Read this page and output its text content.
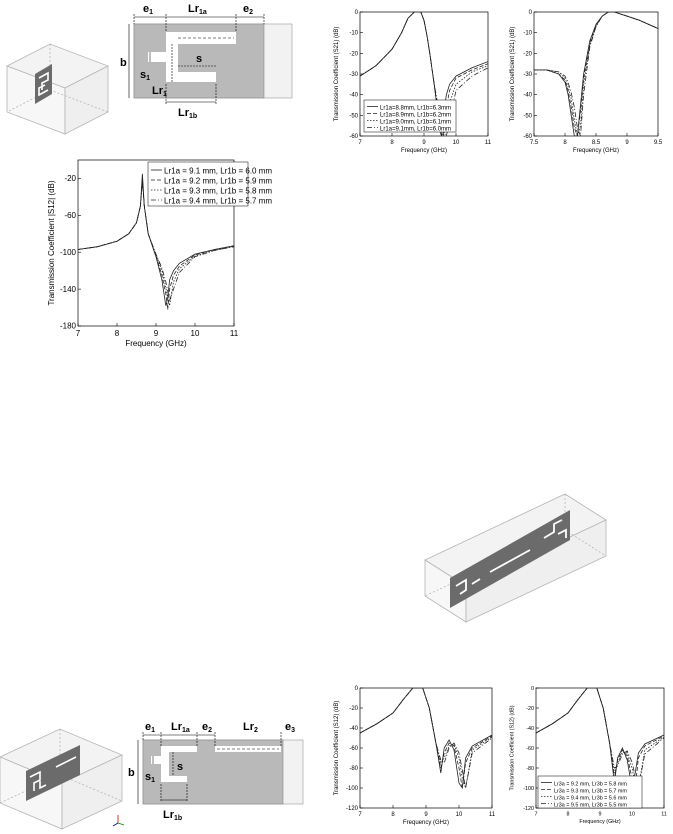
e1	Lr1a	e2
b
s1
s
Lr1
Lr1b
7	8	9	10	11
0
-10
-20
-30
-40
-50
-60
Frequency (GHz)
Transmission Coefficient (S21) (dB)	Lr1a=8.8mm, Lr1b=6.3mm
Lr1a=8.9mm, Lr1b=6.2mm
Lr1a=9.0mm, Lr1b=6.1mm
Lr1a=9.1mm, Lr1b=6.0mm
7.5	8	8.5	9	9.5
0
-10
-20
-30
-40
-50
-60
Frequency (GHz)
Transmission Coefficient (S21) (dB)
7	8	9	10	11
-20
-60
-100
-140
-180
Frequency (GHz)
Transmission Coefficient |S12| (dB)
Lr1a = 9.1 mm, Lr1b = 6.0 mm
Lr1a = 9.2 mm, Lr1b = 5.9 mm
Lr1a = 9.3 mm, Lr1b = 5.8 mm
Lr1a = 9.4 mm, Lr1b = 5.7 mm
e1 Lr1a e2	Lr2 e3
b s1
s
Lr1b	7	8	9	10	11
0
-20
-40
-60
-80
-100
-120
Frequency (GHz)
Transmission Coefficient (S12) (dB)
7	8	9	10	11
0
-20
-40
-60
-80
-100
-120
Frequency (GHz)
Transmission Coefficient (S12) (dB)	Lr3a = 9.2 mm, Lr3b = 5.8 mm
Lr3a = 9.3 mm, Lr3b = 5.7 mm
Lr3a = 9.4 mm, Lr3b = 5.6 mm
Lr3a = 9.5 mm, Lr3b = 5.5 mm
